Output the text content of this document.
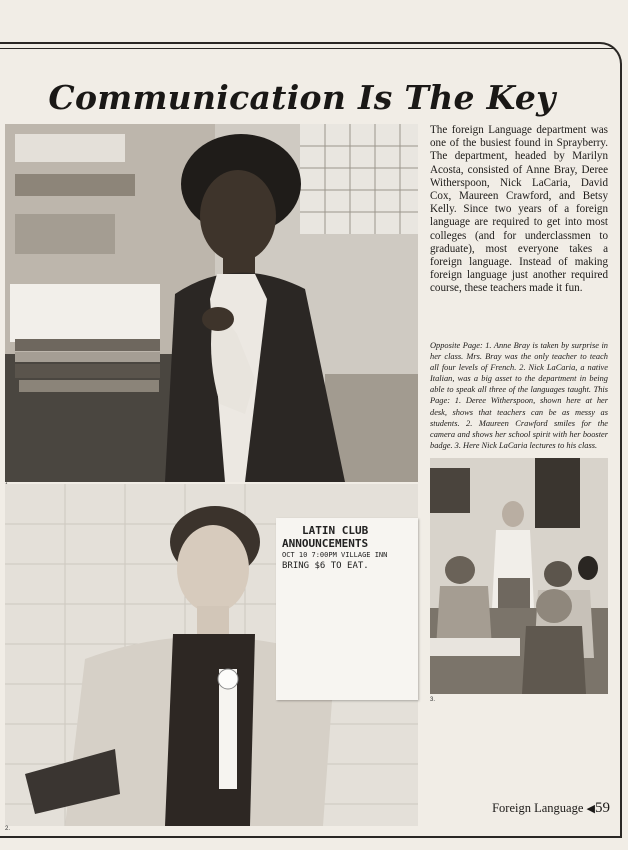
Communication Is The Key
2.
LATIN CLUB
ANNOUNCEMENTS
OCT 10 7:00PM VILLAGE INN
BRING $6 TO EAT.
3.

The foreign Language department was one of the busiest found in Sprayberry. The department, headed by Marilyn Acosta, consisted of Anne Bray, Deree Witherspoon, Nick LaCaria, David Cox, Maureen Crawford, and Betsy Kelly. Since two years of a foreign language are required to get into most colleges (and for underclassmen to graduate), most everyone takes a foreign language. Instead of making foreign language just another required course, these teachers made it fun.

Opposite Page: 1. Anne Bray is taken by surprise in her class. Mrs. Bray was the only teacher to teach all four levels of French. 2. Nick LaCaria, a native Italian, was a big asset to the department in being able to speak all three of the languages taught. This Page: 1. Deree Witherspoon, shown here at her desk, shows that teachers can be as messy as students. 2. Maureen Crawford smiles for the camera and shows her school spirit with her booster badge. 3. Here Nick LaCaria lectures to his class.

Foreign Language ◀59
